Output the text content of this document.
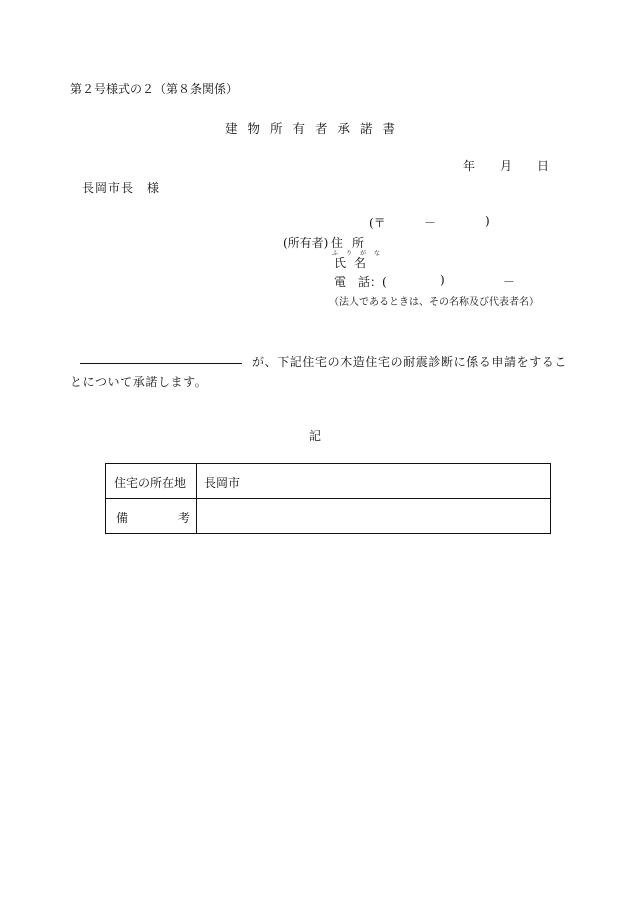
第２号様式の２（第８条関係）
建物所有者承諾書
年 月 日
長岡市長　様
(〒	－	)
(所有者) 住所
ふりがな
氏名
電　話：(	)	－
（法人であるときは、その名称及び代表者名）
が、下記住宅の木造住宅の耐震診断に係る申請をするこ
とについて承諾します。
記
住宅の所在地 長岡市
備	考
